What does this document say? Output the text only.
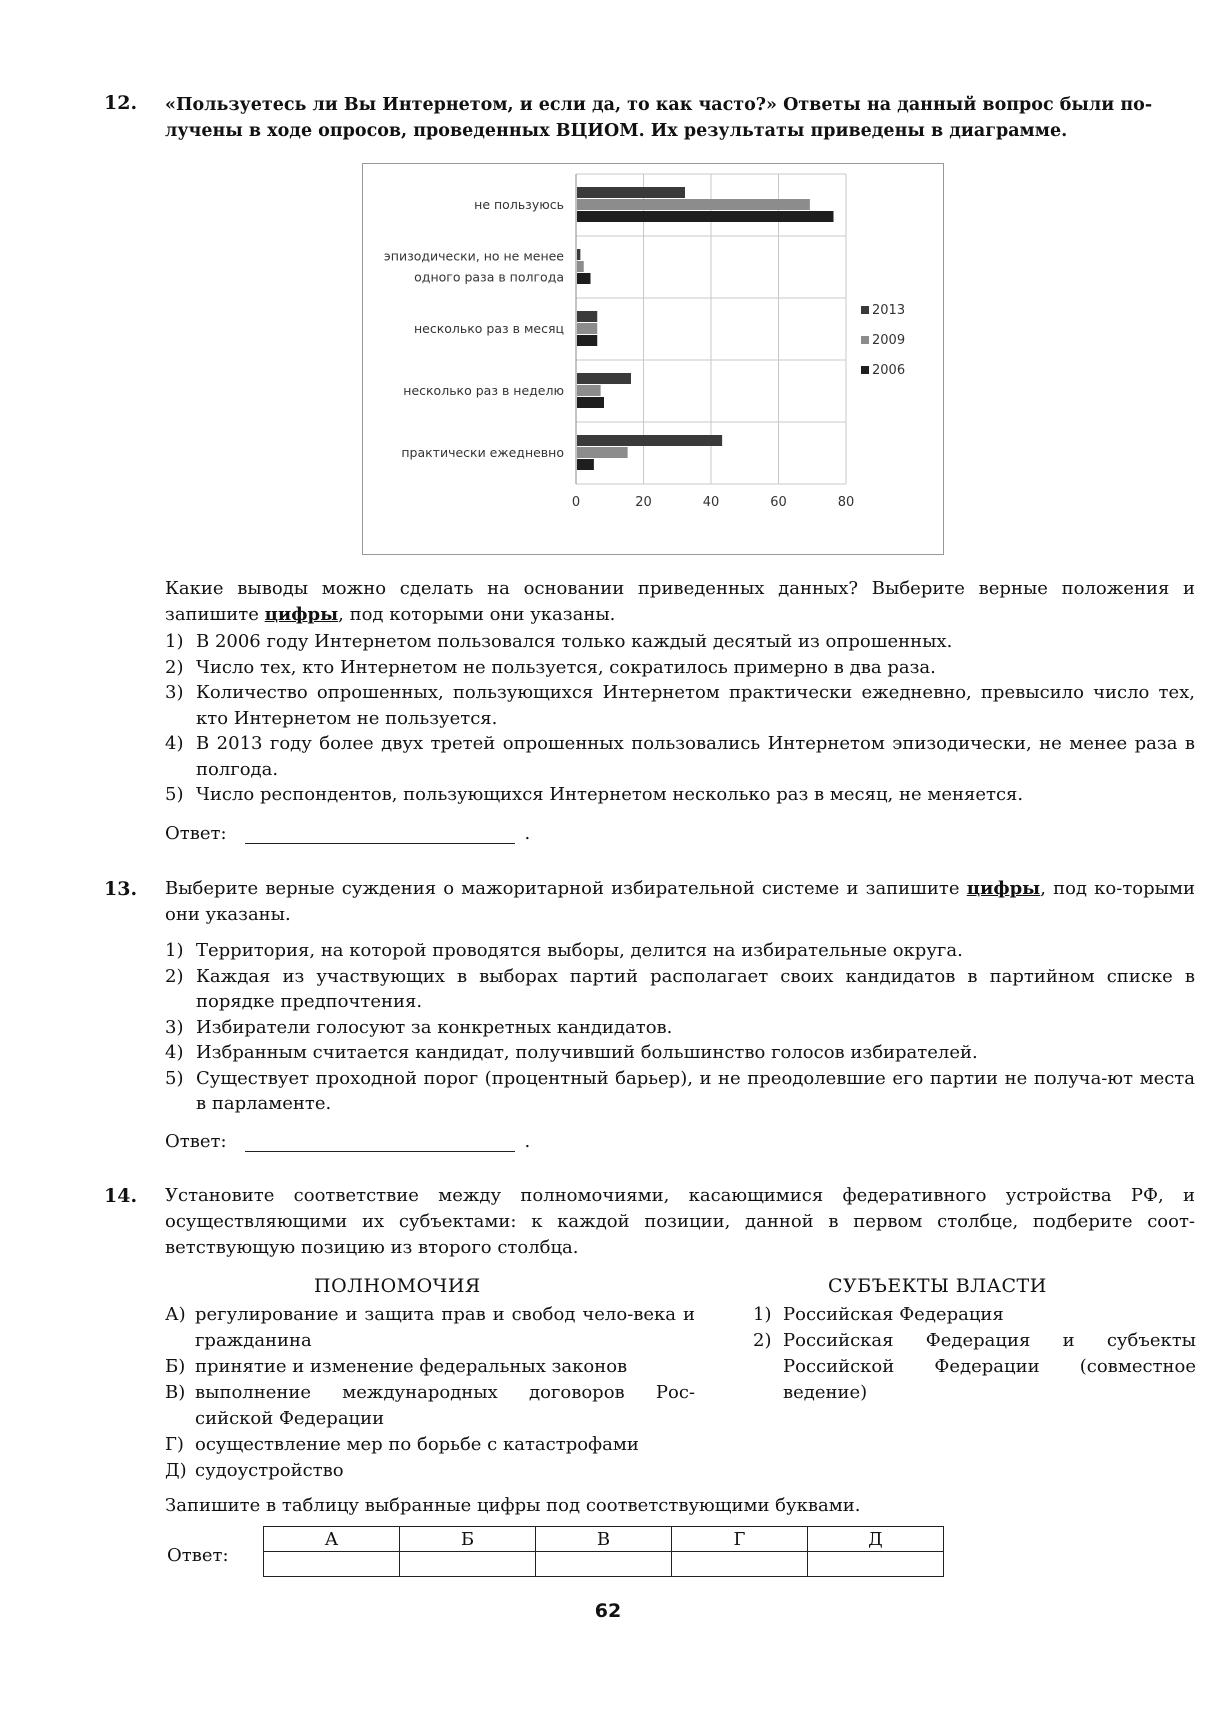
12. «Пользуетесь ли Вы Интернетом, и если да, то как часто?» Ответы на данный вопрос были по-
лучены в ходе опросов, проведенных ВЦИОМ. Их результаты приведены в диаграмме.
0	20	40	60	80
не пользуюсь
эпизодически, но не менее
одного раза в полгода
несколько раз в месяц
несколько раз в неделю
практически ежедневно
2013
2009
2006
Какие выводы можно сделать на основании приведенных данных? Выберите верные положения и запишите цифры, под которыми они указаны.
1) В 2006 году Интернетом пользовался только каждый десятый из опрошенных.
2) Число тех, кто Интернетом не пользуется, сократилось примерно в два раза.
3) Количество опрошенных, пользующихся Интернетом практически ежедневно, превысило число тех, кто Интернетом не пользуется.
4) В 2013 году более двух третей опрошенных пользовались Интернетом эпизодически, не менее раза в полгода.
5) Число респондентов, пользующихся Интернетом несколько раз в месяц, не меняется.
Ответ:	.
13. Выберите верные суждения о мажоритарной избирательной системе и запишите цифры, под ко-торыми они указаны.
1) Территория, на которой проводятся выборы, делится на избирательные округа.
2) Каждая из участвующих в выборах партий располагает своих кандидатов в партийном списке в порядке предпочтения.
3) Избиратели голосуют за конкретных кандидатов.
4) Избранным считается кандидат, получивший большинство голосов избирателей.
5) Существует проходной порог (процентный барьер), и не преодолевшие его партии не получа-ют места в парламенте.
Ответ:	.
14. Установите соответствие между полномочиями, касающимися федеративного устройства РФ, и осуществляющими их субъектами: к каждой позиции, данной в первом столбце, подберите соот-ветствующую позицию из второго столбца.
ПОЛНОМОЧИЯ	СУБЪЕКТЫ ВЛАСТИ
А) регулирование и защита прав и свобод чело-века и гражданина
Б) принятие и изменение федеральных законов
В) выполнение международных договоров Рос-сийской Федерации
Г) осуществление мер по борьбе с катастрофами
Д) судоустройство
1) Российская Федерация
2) Российская Федерация и субъекты Российской Федерации (совместное ведение)
Запишите в таблицу выбранные цифры под соответствующими буквами.
Ответ:
А	Б	В	Г	Д

62
